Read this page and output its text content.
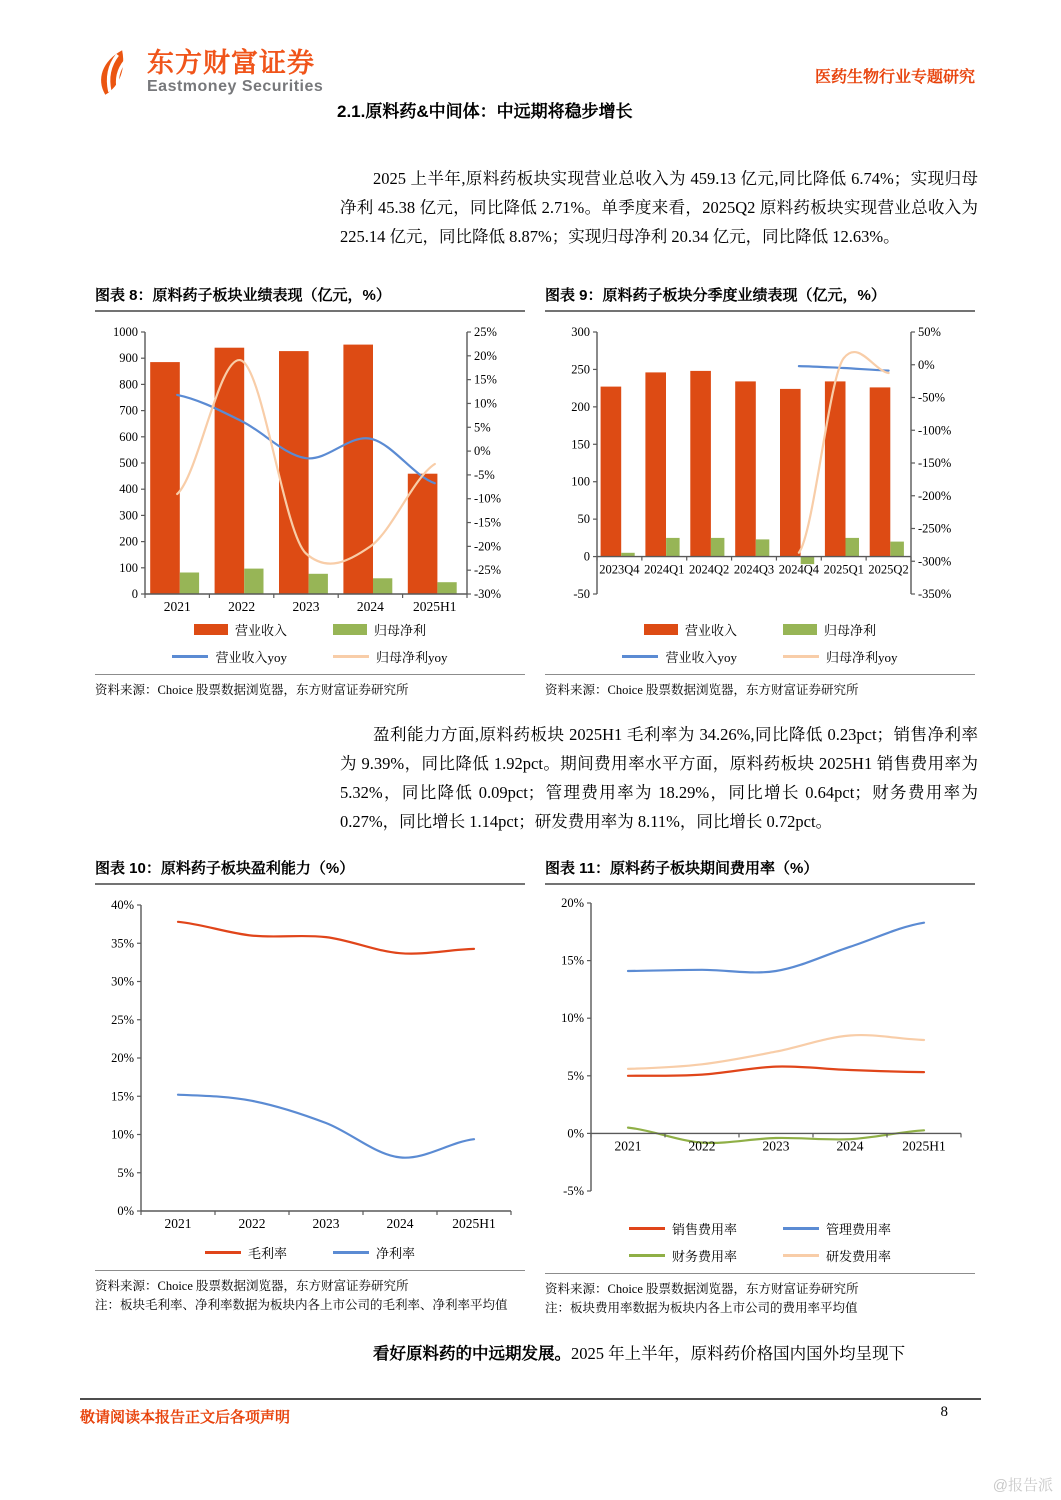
东方财富证券
Eastmoney Securities
医药生物行业专题研究
2.1.原料药&中间体：中远期将稳步增长

2025 上半年,原料药板块实现营业总收入为 459.13 亿元,同比降低 6.74%；实现归母净利 45.38 亿元，同比降低 2.71%。单季度来看，2025Q2 原料药板块实现营业总收入为 225.14 亿元，同比降低 8.87%；实现归母净利 20.34 亿元，同比降低 12.63%。

盈利能力方面,原料药板块 2025H1 毛利率为 34.26%,同比降低 0.23pct；销售净利率为 9.39%，同比降低 1.92pct。期间费用率水平方面，原料药板块 2025H1 销售费用率为 5.32%，同比降低 0.09pct；管理费用率为 18.29%，同比增长 0.64pct；财务费用率为 0.27%，同比增长 1.14pct；研发费用率为 8.11%，同比增长 0.72pct。

看好原料药的中远期发展。2025 年上半年，原料药价格国内国外均呈现下

图表 8：原料药子板块业绩表现（亿元，%）
0
100
200
300
400
500
600
700
800
900
1000
-30%
-25%
-20%
-15%
-10%
-5%
0%
5%
10%
15%
20%
25%
2021	2022	2023	2024 2025H1
营业收入	归母净利
营业收入yoy	归母净利yoy
资料来源：Choice 股票数据浏览器，东方财富证券研究所
图表 9：原料药子板块分季度业绩表现（亿元，%）
-50
0
50
100
150
200
250
300
-350%
-300%
-250%
-200%
-150%
-100%
-50%
0%
50%
2023Q4 2024Q1 2024Q2 2024Q3 2024Q4 2025Q1 2025Q2
营业收入	归母净利
营业收入yoy	归母净利yoy
资料来源：Choice 股票数据浏览器，东方财富证券研究所
图表 10：原料药子板块盈利能力（%）
0%
5%
10%
15%
20%
25%
30%
35%
40%
2021	2022	2023	2024	2025H1
毛利率	净利率
资料来源：Choice 股票数据浏览器，东方财富证券研究所
注：板块毛利率、净利率数据为板块内各上市公司的毛利率、净利率平均值
图表 11：原料药子板块期间费用率（%）
-5%
0%
5%
10%
15%
20%
2021	2022	2023	2024	2025H1
销售费用率	管理费用率
财务费用率	研发费用率
资料来源：Choice 股票数据浏览器，东方财富证券研究所
注：板块费用率数据为板块内各上市公司的费用率平均值
敬请阅读本报告正文后各项声明	8
@报告派
